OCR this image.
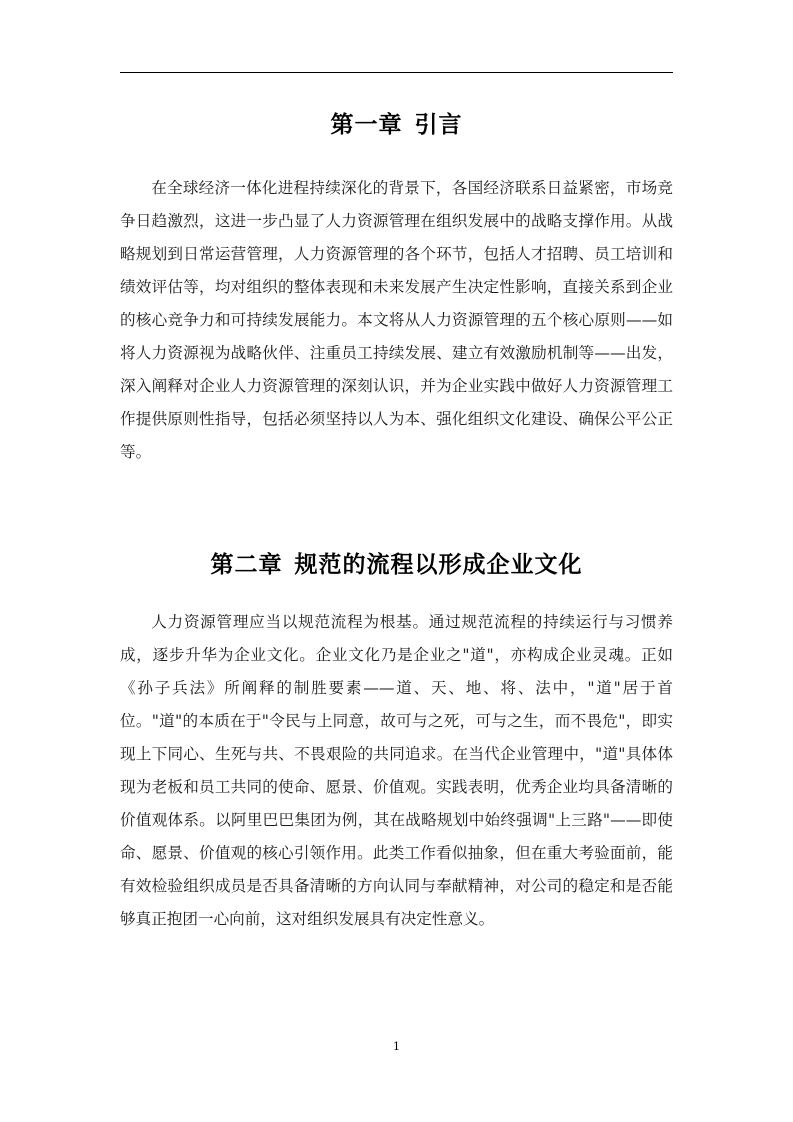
第一章 引言

在全球经济一体化进程持续深化的背景下，各国经济联系日益紧密，市场竞争日趋激烈，这进一步凸显了人力资源管理在组织发展中的战略支撑作用。从战略规划到日常运营管理，人力资源管理的各个环节，包括人才招聘、员工培训和绩效评估等，均对组织的整体表现和未来发展产生决定性影响，直接关系到企业的核心竞争力和可持续发展能力。本文将从人力资源管理的五个核心原则——如将人力资源视为战略伙伴、注重员工持续发展、建立有效激励机制等——出发，深入阐释对企业人力资源管理的深刻认识，并为企业实践中做好人力资源管理工作提供原则性指导，包括必须坚持以人为本、强化组织文化建设、确保公平公正等。

第二章 规范的流程以形成企业文化

人力资源管理应当以规范流程为根基。通过规范流程的持续运行与习惯养成，逐步升华为企业文化。企业文化乃是企业之"道"，亦构成企业灵魂。正如《孙子兵法》所阐释的制胜要素——道、天、地、将、法中，"道"居于首位。"道"的本质在于"令民与上同意，故可与之死，可与之生，而不畏危"，即实现上下同心、生死与共、不畏艰险的共同追求。在当代企业管理中，"道"具体体现为老板和员工共同的使命、愿景、价值观。实践表明，优秀企业均具备清晰的价值观体系。以阿里巴巴集团为例，其在战略规划中始终强调"上三路"——即使命、愿景、价值观的核心引领作用。此类工作看似抽象，但在重大考验面前，能有效检验组织成员是否具备清晰的方向认同与奉献精神，对公司的稳定和是否能够真正抱团一心向前，这对组织发展具有决定性意义。

1
